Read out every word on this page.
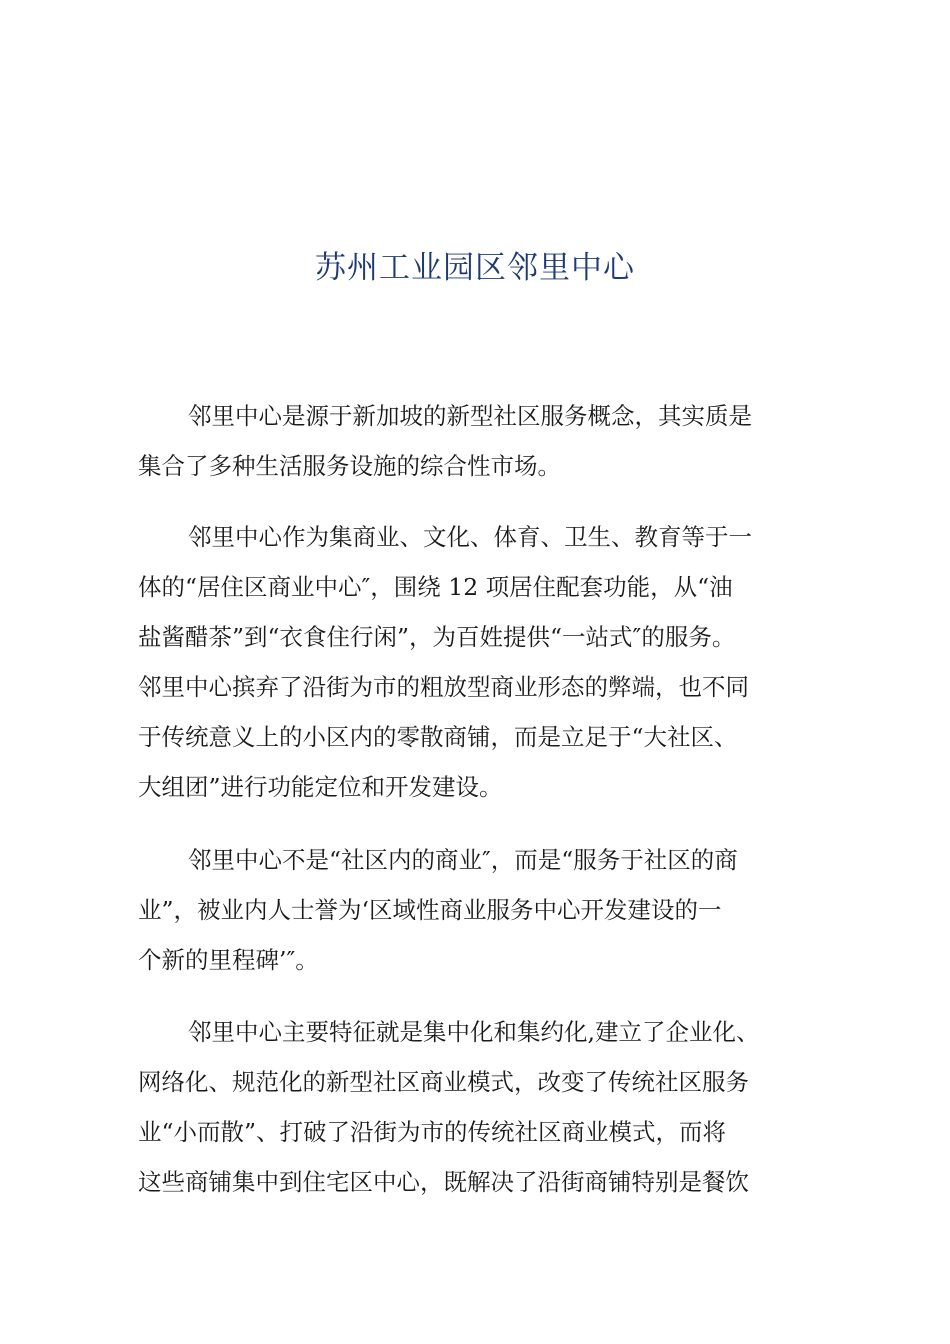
苏州工业园区邻里中心
邻里中心是源于新加坡的新型社区服务概念，其实质是
集合了多种生活服务设施的综合性市场。
邻里中心作为集商业、文化、体育、卫生、教育等于一
体的“居住区商业中心″，围绕 12 项居住配套功能，从“油
盐酱醋茶”到“衣食住行闲”，为百姓提供“一站式″的服务。
邻里中心摈弃了沿街为市的粗放型商业形态的弊端，也不同
于传统意义上的小区内的零散商铺，而是立足于“大社区、
大组团”进行功能定位和开发建设。
邻里中心不是“社区内的商业″，而是“服务于社区的商
业”，被业内人士誉为‘区域性商业服务中心开发建设的一
个新的里程碑’″。
邻里中心主要特征就是集中化和集约化,建立了企业化、
网络化、规范化的新型社区商业模式，改变了传统社区服务
业“小而散”、打破了沿街为市的传统社区商业模式，而将
这些商铺集中到住宅区中心，既解决了沿街商铺特别是餐饮
